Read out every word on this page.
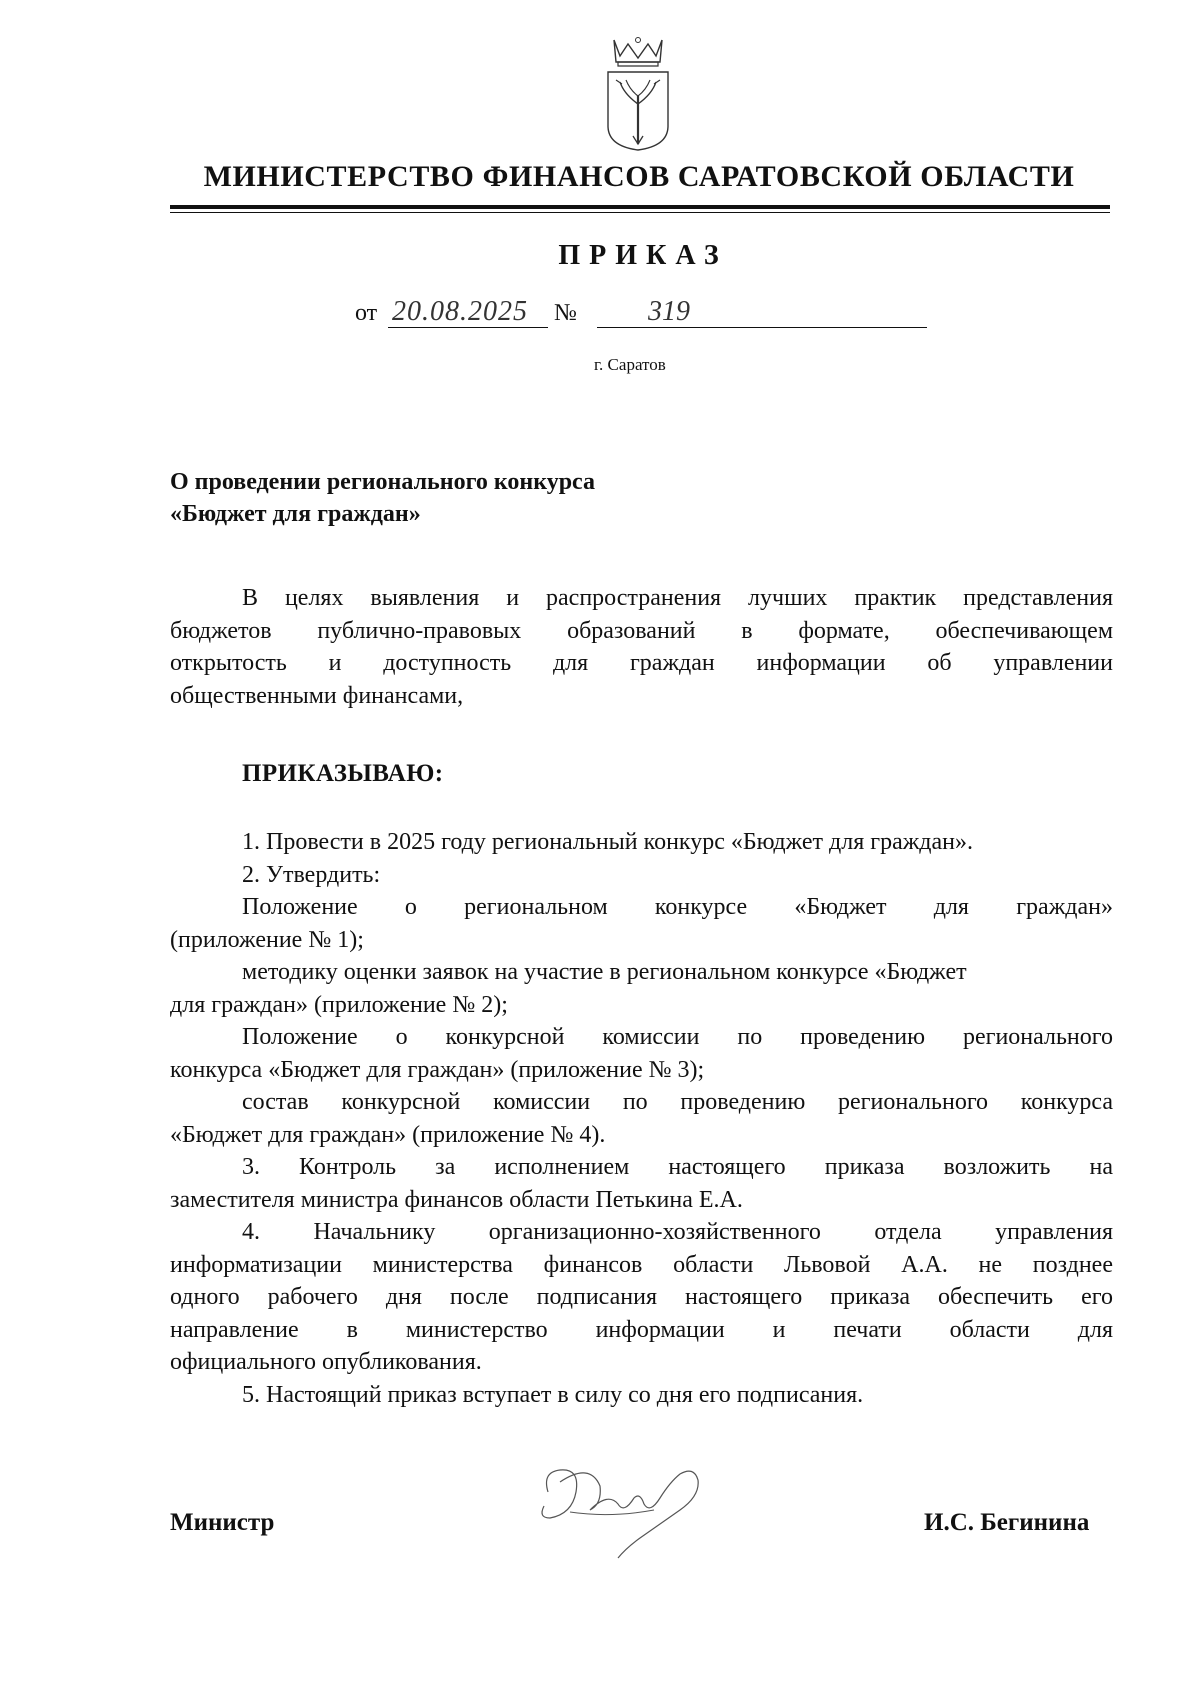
МИНИСТЕРСТВО ФИНАНСОВ САРАТОВСКОЙ ОБЛАСТИ
ПРИКАЗ
от 20.08.2025 №	319
г. Саратов
О проведении регионального конкурса
«Бюджет для граждан»
В целях выявления и распространения лучших практик представления
бюджетов публично-правовых образований в формате, обеспечивающем
открытость и доступность для граждан информации об управлении
общественными финансами,
ПРИКАЗЫВАЮ:
1. Провести в 2025 году региональный конкурс «Бюджет для граждан».
2. Утвердить:
Положение о региональном конкурсе «Бюджет для граждан»
(приложение № 1);
методику оценки заявок на участие в региональном конкурсе «Бюджет
для граждан» (приложение № 2);
Положение о конкурсной комиссии по проведению регионального
конкурса «Бюджет для граждан» (приложение № 3);
состав конкурсной комиссии по проведению регионального конкурса
«Бюджет для граждан» (приложение № 4).
3. Контроль за исполнением настоящего приказа возложить на
заместителя министра финансов области Петькина Е.А.
4. Начальнику организационно-хозяйственного отдела управления
информатизации министерства финансов области Львовой А.А. не позднее
одного рабочего дня после подписания настоящего приказа обеспечить его
направление в министерство информации и печати области для
официального опубликования.
5. Настоящий приказ вступает в силу со дня его подписания.
Министр	И.С. Бегинина
